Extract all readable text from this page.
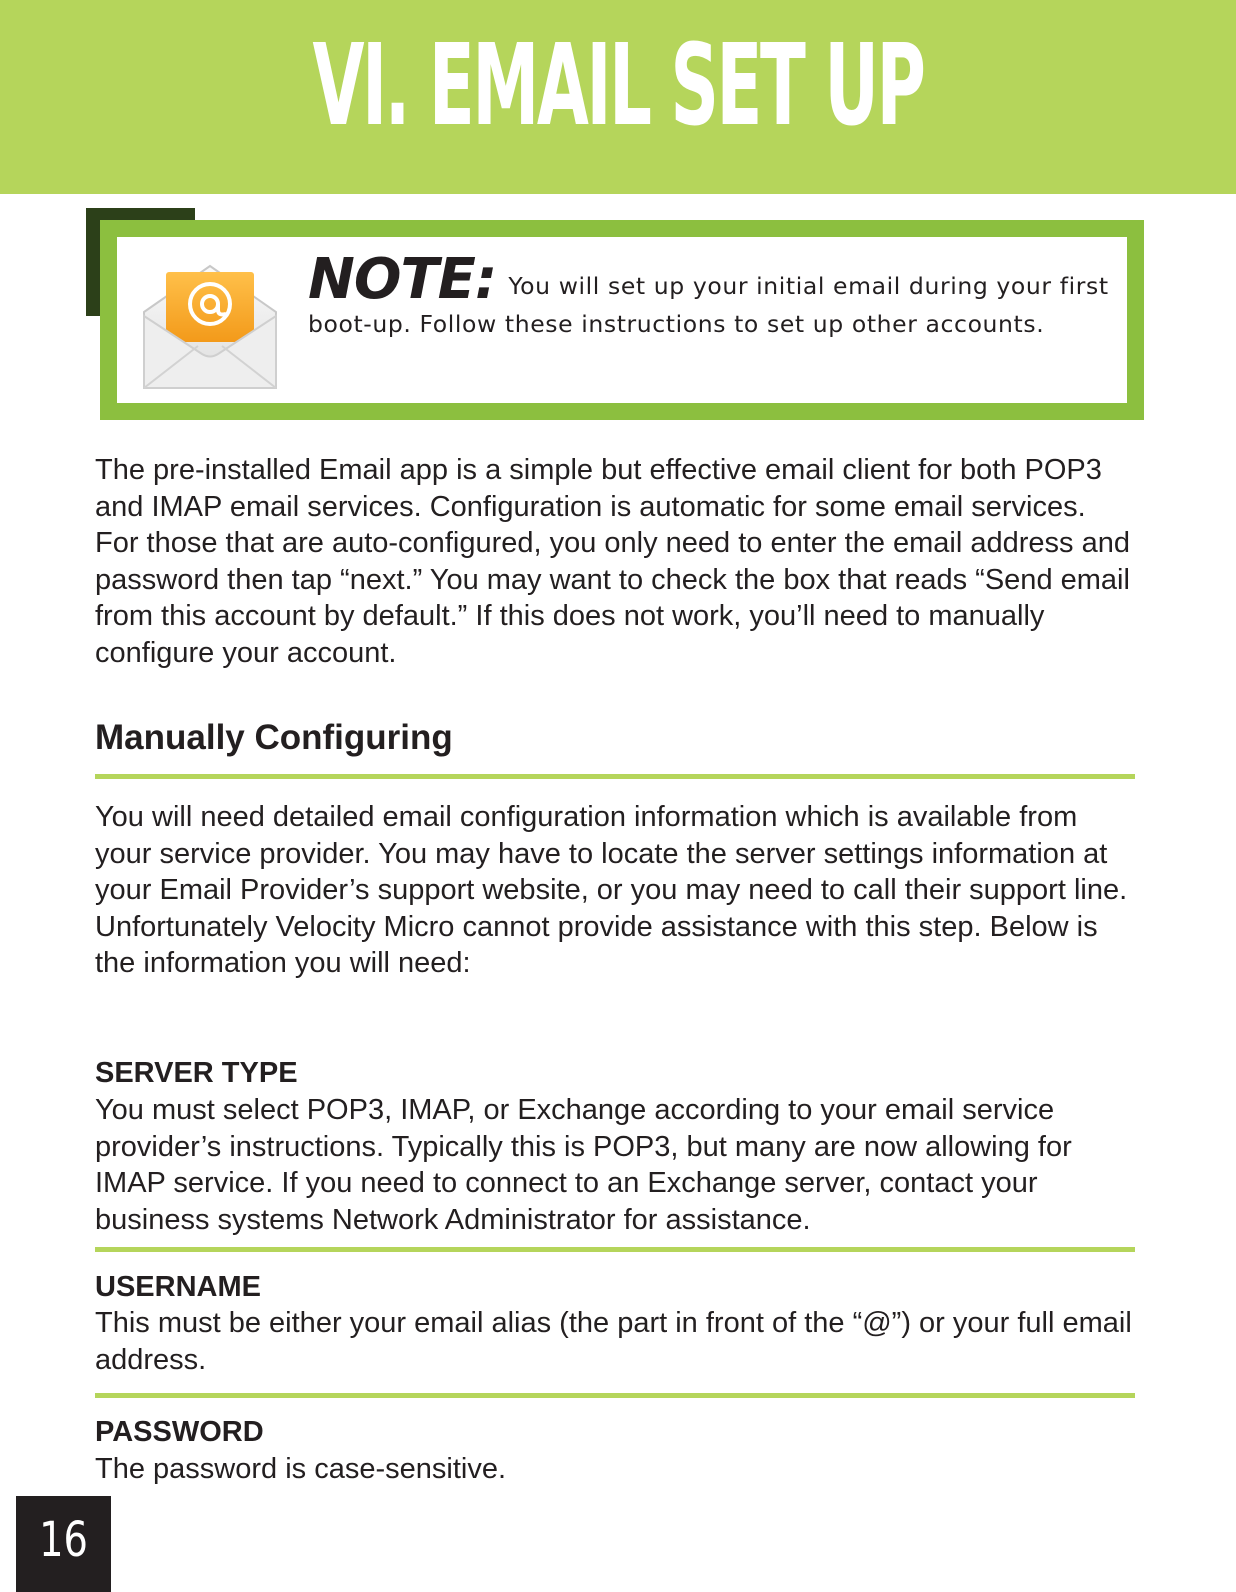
VI. EMAIL SET UP
NOTE: You will set up your initial email during your first boot-up. Follow these instructions to set up other accounts.

The pre-installed Email app is a simple but effective email client for both POP3 and IMAP email services. Configuration is automatic for some email services. For those that are auto-configured, you only need to enter the email address and password then tap “next.” You may want to check the box that reads “Send email from this account by default.” If this does not work, you’ll need to manually configure your account.

Manually Configuring

You will need detailed email configuration information which is available from your service provider. You may have to locate the server settings information at your Email Provider’s support website, or you may need to call their support line. Unfortunately Velocity Micro cannot provide assistance with this step. Below is the information you will need:

SERVER TYPE

You must select POP3, IMAP, or Exchange according to your email service provider’s instructions. Typically this is POP3, but many are now allowing for IMAP service. If you need to connect to an Exchange server, contact your business systems Network Administrator for assistance.

USERNAME

This must be either your email alias (the part in front of the “@”) or your full email address.

PASSWORD

The password is case-sensitive.

16
